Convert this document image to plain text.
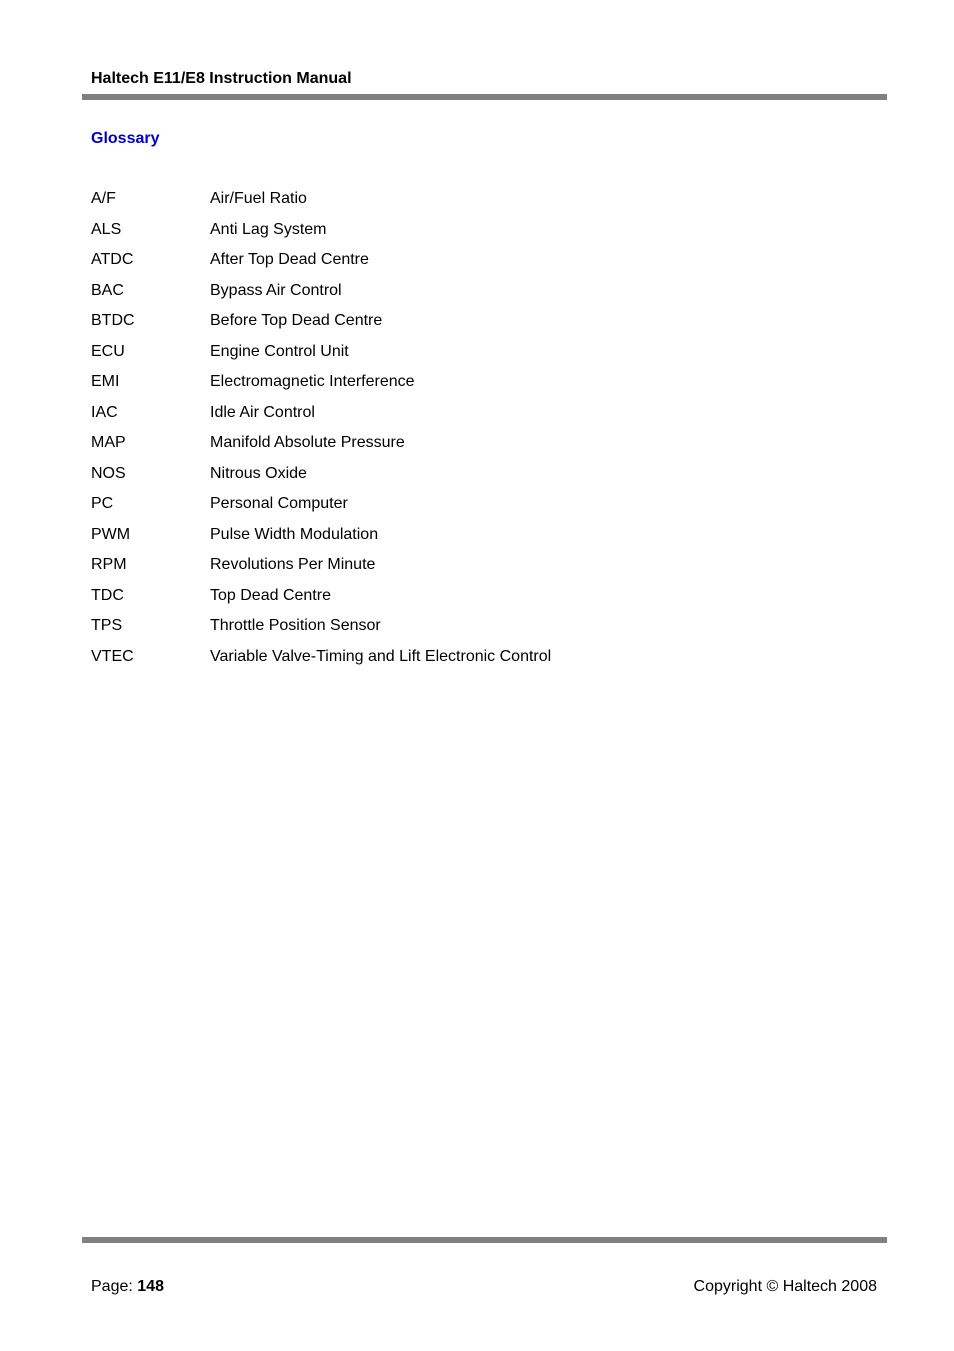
Haltech E11/E8 Instruction Manual
Glossary
A/F	Air/Fuel Ratio
ALS	Anti Lag System
ATDC	After Top Dead Centre
BAC	Bypass Air Control
BTDC	Before Top Dead Centre
ECU	Engine Control Unit
EMI	Electromagnetic Interference
IAC	Idle Air Control
MAP	Manifold Absolute Pressure
NOS	Nitrous Oxide
PC	Personal Computer
PWM	Pulse Width Modulation
RPM	Revolutions Per Minute
TDC	Top Dead Centre
TPS	Throttle Position Sensor
VTEC	Variable Valve-Timing and Lift Electronic Control
Page: 148	Copyright © Haltech 2008
